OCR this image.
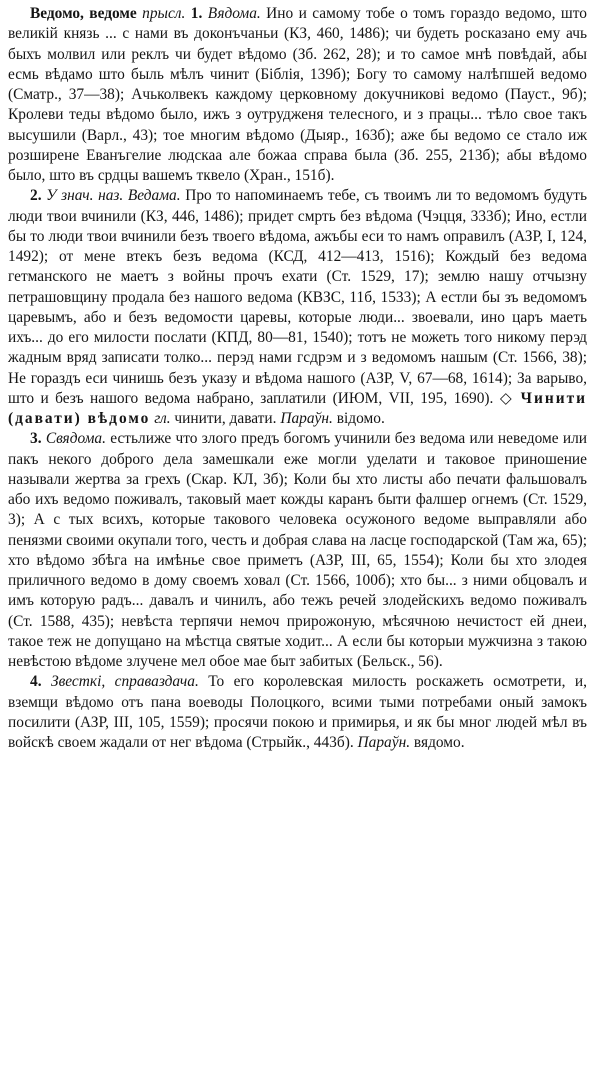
Ведомо, ведоме прысл. 1. Вядома. Ино и самому тобе о томъ гораздо ведомо, што великій князь ... с нами въ доконъчаньи (КЗ, 460, 1486); чи будеть росказано ему ачь быхъ молвил или реклъ чи будет вѣдомо (Зб. 262, 28); и то самое мнѣ повѣдай, абы есмь вѣдамо што быль мѣлъ чинит (Біблія, 139б); Богу то самому налѣпшей ведомо (Сматр., 37—38); Ачьколвекъ каждому церковному докучниковi ведомо (Пауст., 9б); Кролеви теды вѣдомо было, ижъ з оутрудженя телесного, и з працы... тѣло свое такъ высушили (Варл., 43); тое многим вѣдомо (Дыяр., 163б); аже бы ведомо се стало иж розширене Еванъгелие людскаа але божаа справа была (Зб. 255, 213б); абы вѣдомо было, што въ срдцы вашемъ тквело (Хран., 151б).

2. У знач. наз. Ведама. Про то напоминаемъ тебе, съ твоимъ ли то ведомомъ будуть люди твои вчинили (КЗ, 446, 1486); придет смрть без вѣдома (Чэцця, 333б); Ино, естли бы то люди твои вчинили безъ твоего вѣдома, ажъбы еси то намъ оправилъ (АЗР, I, 124, 1492); от мене втекъ безъ ведома (КСД, 412—413, 1516); Кождый без ведома гетманского не маетъ з войны прочъ ехати (Ст. 1529, 17); землю нашу отчызну петрашовщину продала без нашого ведома (КВЗС, 11б, 1533); А естли бы зъ ведомомъ царевымъ, або и безъ ведомости царевы, которые люди... звоевали, ино царъ маеть ихъ... до его милости послати (КПД, 80—81, 1540); тотъ не можеть того никому перэд жадным вряд записати толко... перэд нами гсдрэм и з ведомомъ нашым (Ст. 1566, 38); Не гораздъ еси чинишь безъ указу и вѣдома нашого (АЗР, V, 67—68, 1614); За варыво, што и безъ нашого ведома набрано, заплатили (ИЮМ, VII, 195, 1690). ◇ Чинити (давати) вѣдомо гл. чинити, давати. Параўн. відомо.

3. Свядома. естьлиже что злого предъ богомъ учинили без ведома или неведоме или пакъ некого доброго дела замешкали еже могли уделати и таковое приношение называли жертва за грехъ (Скар. КЛ, 3б); Коли бы хто листы або печати фальшовалъ або ихъ ведомо поживалъ, таковый мает кожды каранъ быти фалшер огнемъ (Ст. 1529, 3); А с тых всихъ, которые такового человека осужоного ведоме выправляли або пенязми своими окупали того, честь и добрая слава на ласце господарской (Там жа, 65); хто вѣдомо збѣга на имѣнье свое приметъ (АЗР, III, 65, 1554); Коли бы хто злодея приличного ведомо в дому своемъ ховал (Ст. 1566, 100б); хто бы... з ними обцовалъ и имъ которую радъ... давалъ и чинилъ, або тежъ речей злодейскихъ ведомо поживалъ (Ст. 1588, 435); невѣста терпячи немоч прирожоную, мѣсячною нечистост ей днеи, такое теж не допущано на мѣстца святые ходит... А если бы которыи мужчизна з такою невѣстою вѣдоме злучене мел обое мае быт забитых (Бельск., 56).

4. Звесткі, справаздача. То его королевская милость роскажеть осмотрети, и, вземщи вѣдомо отъ пана воеводы Полоцкого, всими тыми потребами оный замокъ посилити (АЗР, III, 105, 1559); просячи покою и примирья, и як бы мног людей мѣл въ войскѣ своем жадали от нег вѣдома (Стрыйк., 443б). Параўн. вядомо.
